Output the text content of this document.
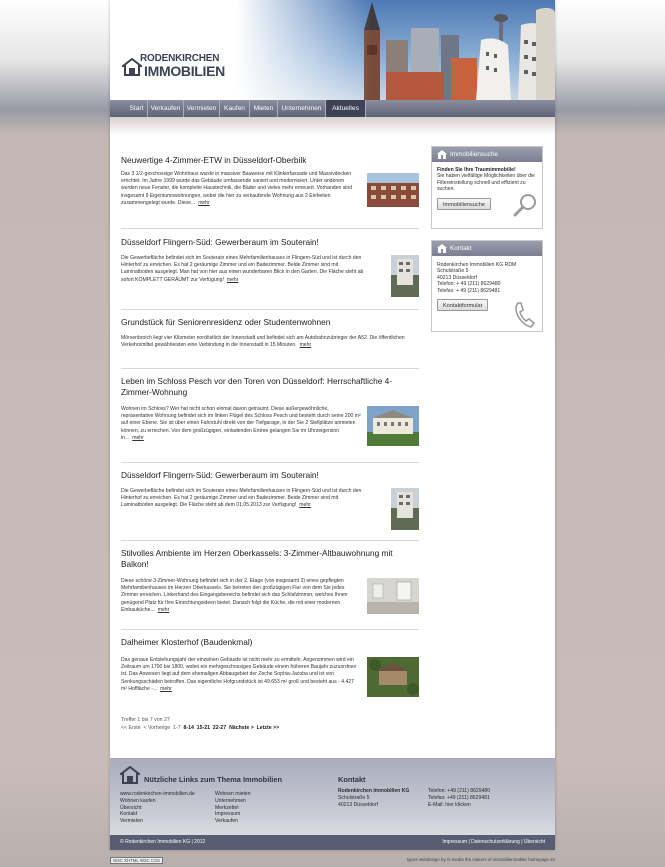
RODENKIRCHEN
IMMOBILIEN
Start	Verkaufen Vermieten	Kaufen	Mieten	Unternehmen	Aktuelles
Neuwertige 4-Zimmer-ETW in Düsseldorf-Oberbilk

Das 3 1/2-geschossige Wohnhaus wurde in massiver Bauweise mit Klinkerfassade und Massivdecken errichtet. Im Jahre 1999 wurde das Gebäude umfassende saniert und modernisiert. Unter anderem wurden neue Fenster, die komplette Haustechnik, die Bäder und vieles mehr erneuert. Vorhanden sind insgesamt 9 Eigentumswohnungen, wobei die hier zu verkaufende Wohnung aus 2 Einheiten zusammengelegt wurde. Diese... mehr

Düsseldorf Flingern-Süd: Gewerberaum im Souterain!

Die Gewerbefläche befindet sich im Souterain eines Mehrfamilienhauses in Flingern-Süd und ist durch den Hinterhof zu erreichen. Es hat 2 geräumige Zimmer und ein Badezimmer. Beide Zimmer sind mit Laminatboden ausgelegt. Man hat von hier aus einen wunderbaren Blick in den Garten. Die Fläche steht ab sofort KOMPLETT GERÄUMT zur Verfügung! mehr

Grundstück für Seniorenresidenz oder Studentenwohnen

Mörsenbroich liegt vier Kilometer nordöstlich der Innenstadt und befindet sich am Autobahnzubringer der A52. Die öffentlichen Verkehrsmittel gewährleisten eine Verbindung in die Innenstadt in 15 Minuten. mehr

Leben im Schloss Pesch vor den Toren von Düsseldorf: Herrschaftliche 4-Zimmer-Wohnung

Wohnen im Schloss? Wer hat nicht schon einmal davon geträumt. Diese außergewöhnliche, repräsentative Wohnung befindet sich im linken Flügel des Schloss Pesch und besteht durch seine 200 m² auf einer Ebene. Sie ist über einen Fahrstuhl direkt von der Tiefgarage, in der Sie 2 Stellplätze anmieten können, zu erreichen. Von dem großzügigen, einladenden Entree gelangen Sie im Uhrzeigersinn in... mehr

Düsseldorf Flingern-Süd: Gewerberaum im Souterain!

Die Gewerbefläche befindet sich im Souterain eines Mehrfamilienhauses in Flingern-Süd und ist durch den Hinterhof zu erreichen. Es hat 2 geräumige Zimmer und ein Badezimmer. Beide Zimmer sind mit Laminatboden ausgelegt. Die Fläche steht ab dem 01.05.2013 zur Verfügung! mehr

Stilvolles Ambiente im Herzen Oberkassels: 3-Zimmer-Altbauwohnung mit Balkon!

Diese schöne 3-Zimmer-Wohnung befindet sich in der 2. Etage (von insgesamt 3) eines gepflegten Mehrfamilienhauses im Herzen Oberkassels. Sie betreten den großzügigen Flur von dem Sie jedes Zimmer erreichen. Linkerhand des Eingangsbereichs befindet sich das Schlafzimmer, welches Ihnen genügend Platz für Ihre Einrichtungsideen bietet. Danach folgt die Küche, die mit einer modernen Einbauküche... mehr

Dalheimer Klosterhof (Baudenkmal)

Das genaue Entstehungsjahr der einzelnen Gebäude ist nicht mehr zu ermitteln. Angenommen wird ein Zeitraum um 1700 bis 1800, wobei ein mehrgeschossiges Gebäude einem früheren Baujahr zuzuordnen ist. Das Anwesen liegt auf dem ehemaligen Abbaugebiet der Zeche Sophia-Jacoba und ist von Senkungsschäden betroffen. Das eigentliche Hofgrundstück ist 49.653 m² groß und besteht aus - 4.427 m² Hoffläche -... mehr

Treffer 1 bis 7 von 27
<< Erste < Vorherige 1-7 8-14 15-21 22-27 Nächste > Letzte >>
Immobiliensuche
Finden Sie Ihre Traumimmobilie!
Sie haben vielfältige Möglichkeiten über die Filtereinstellung schnell und effizient zu suchen.
Immobiliensuche
Kontakt
Rodenkirchen Immobilien KG RDM
Schulstraße 5
40213 Düsseldorf
Telefon: + 49 (211) 8629480
Telefax: + 49 (211) 8629481
Kontaktformular
Nützliche Links zum Thema Immobilien
www.rodenkirchen-immobilien.de
Wohnen kaufen
Übersicht
Kontakt
Vermieten
Wohnen mieten
Unternehmen
Merkzettel
Impressum
Verkaufen
Kontakt
Rodenkirchen Immobilien KG
Schulstraße 5
40213 Düsseldorf
Telefon: +49 (211) 8629480
Telefax: +49 (211) 8629481
E-Mail: hier klicken
© Rodenkirchen Immobilien KG | 2012	Impressum | Datenschutzerklärung | Übersicht
W3C XHTML W3C CSS	typo3 webdesign by G-media the makers of immobilienmakler homepage 24
